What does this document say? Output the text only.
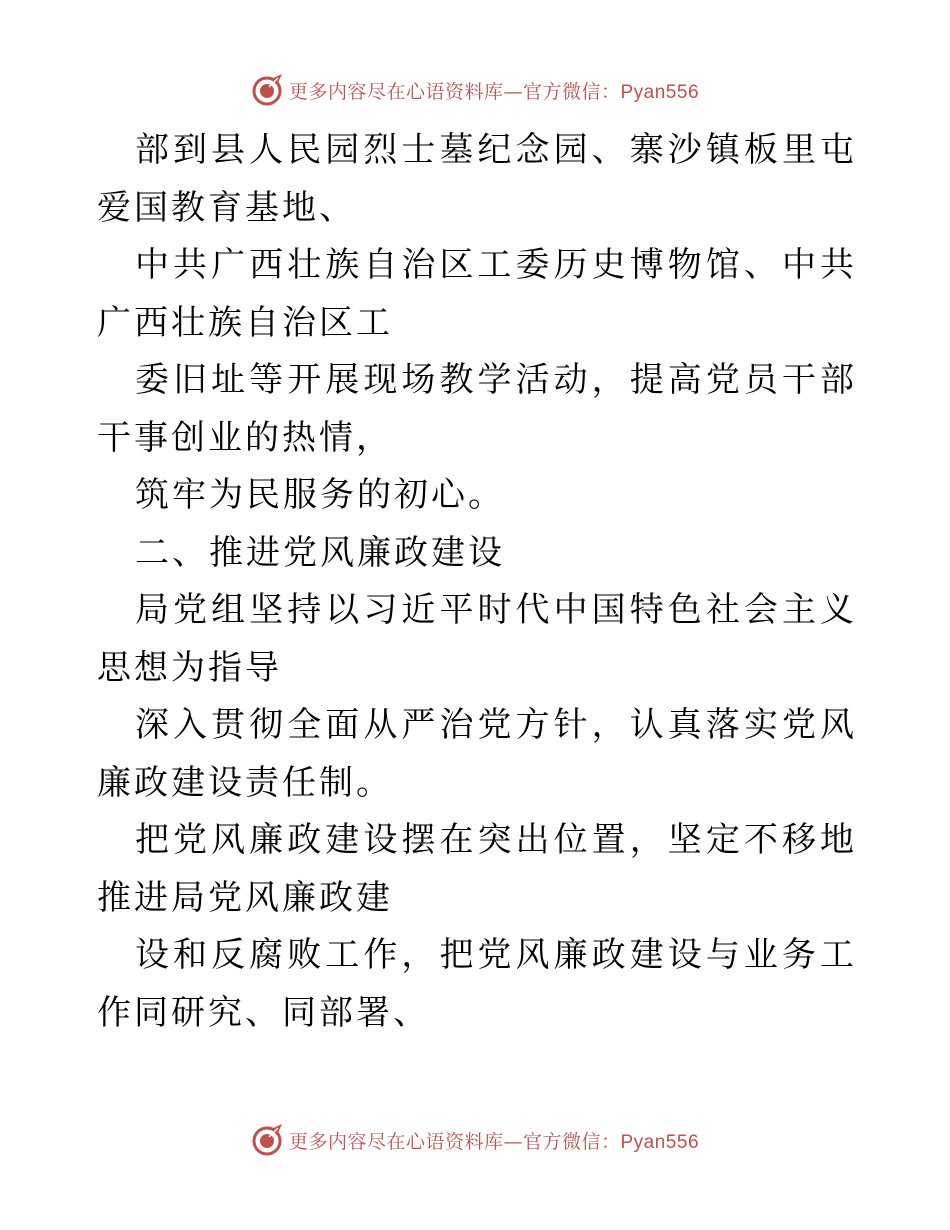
更多内容尽在心语资料库—官方微信：Pyan556

部到县人民园烈士墓纪念园、寨沙镇板里屯爱国教育基地、

中共广西壮族自治区工委历史博物馆、中共广西壮族自治区工

委旧址等开展现场教学活动，提高党员干部干事创业的热情，

筑牢为民服务的初心。

二、推进党风廉政建设

局党组坚持以习近平时代中国特色社会主义思想为指导

深入贯彻全面从严治党方针，认真落实党风廉政建设责任制。

把党风廉政建设摆在突出位置，坚定不移地推进局党风廉政建

设和反腐败工作，把党风廉政建设与业务工作同研究、同部署、

更多内容尽在心语资料库—官方微信：Pyan556
